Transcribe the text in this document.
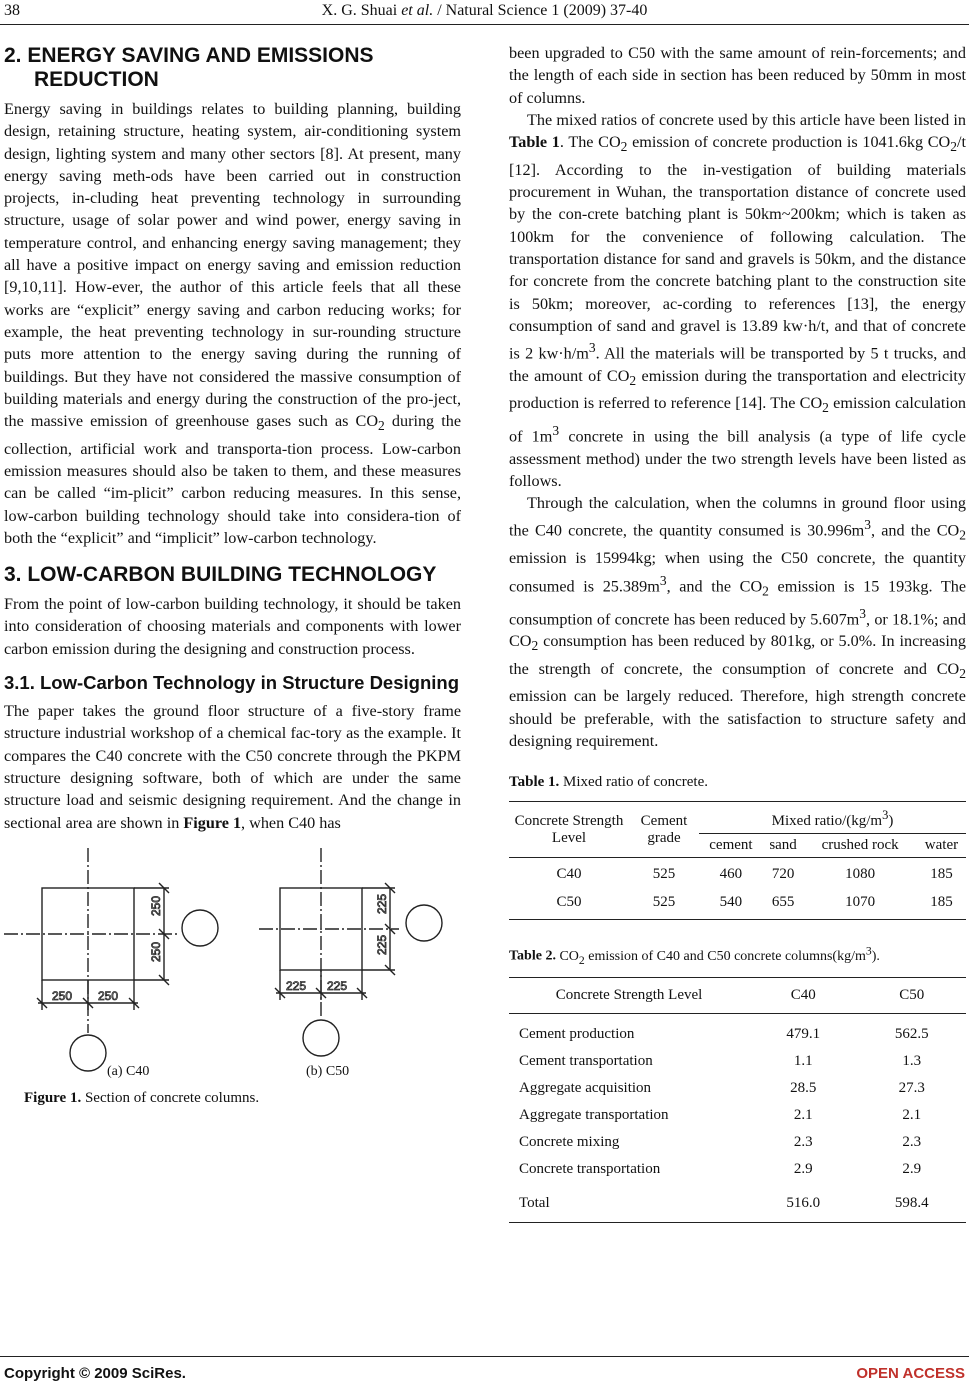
38	X. G. Shuai et al. / Natural Science 1 (2009) 37-40
2. ENERGY SAVING AND EMISSIONS REDUCTION

Energy saving in buildings relates to building planning, building design, retaining structure, heating system, air-conditioning system design, lighting system and many other sectors [8]. At present, many energy saving meth-ods have been carried out in construction projects, in-cluding heat preventing technology in surrounding structure, usage of solar power and wind power, energy saving in temperature control, and enhancing energy saving management; they all have a positive impact on energy saving and emission reduction [9,10,11]. How-ever, the author of this article feels that all these works are “explicit” energy saving and carbon reducing works; for example, the heat preventing technology in sur-rounding structure puts more attention to the energy saving during the running of buildings. But they have not considered the massive consumption of building materials and energy during the construction of the pro-ject, the massive emission of greenhouse gases such as $CO_2$ during the collection, artificial work and transporta-tion process. Low-carbon emission measures should also be taken to them, and these measures can be called “im-plicit” carbon reducing measures. In this sense, low-carbon building technology should take into considera-tion of both the “explicit” and “implicit” low-carbon technology.

3. LOW-CARBON BUILDING TECHNOLOGY

From the point of low-carbon building technology, it should be taken into consideration of choosing materials and components with lower carbon emission during the designing and construction process.

3.1. Low-Carbon Technology in Structure Designing

The paper takes the ground floor structure of a five-story frame structure industrial workshop of a chemical fac-tory as the example. It compares the C40 concrete with the C50 concrete through the PKPM structure designing software, both of which are under the same structure load and seismic designing requirement. And the change in sectional area are shown in Figure 1, when C40 has

250
250
250 250
225
225
225 225
(a) C40	(b) C50
Figure 1. Section of concrete columns.

been upgraded to C50 with the same amount of rein-forcements; and the length of each side in section has been reduced by 50mm in most of columns.

The mixed ratios of concrete used by this article have been listed in Table 1. The $CO_2$ emission of concrete production is 1041.6kg $CO_2/t$ [12]. According to the in-vestigation of building materials procurement in Wuhan, the transportation distance of concrete used by the con-crete batching plant is 50km~200km; which is taken as 100km for the convenience of following calculation. The transportation distance for sand and gravels is 50km, and the distance for concrete from the concrete batching plant to the construction site is 50km; moreover, ac-cording to references [13], the energy consumption of sand and gravel is 13.89 kw·h/t, and that of concrete is 2 $kw\cdot h/m^3$. All the materials will be transported by 5 t trucks, and the amount of $CO_2$ emission during the transportation and electricity production is referred to reference [14]. The $CO_2$ emission calculation of $1m^3$ concrete in using the bill analysis (a type of life cycle assessment method) under the two strength levels have been listed as follows.

Through the calculation, when the columns in ground floor using the C40 concrete, the quantity consumed is $30.996m^3$, and the $CO_2$ emission is 15994kg; when using the C50 concrete, the quantity consumed is $25.389m^3$, and the $CO_2$ emission is 15 193kg. The consumption of concrete has been reduced by $5.607m^3$, or 18.1%; and $CO_2$ consumption has been reduced by 801kg, or 5.0%. In increasing the strength of concrete, the consumption of concrete and $CO_2$ emission can be largely reduced. Therefore, high strength concrete should be preferable, with the satisfaction to structure safety and designing requirement.

Table 1. Mixed ratio of concrete.
Concrete Strength Level	Cement grade	Mixed ratio/$(kg/m^3)$			
		cement	sand	crushed rock	water
C40	525	460	720	1080	185
C50	525	540	655	1070	185
Table 2. $CO_2$ emission of C40 and C50 concrete $columns(kg/m^3)$.
Concrete Strength Level	C40	C50
Cement production	479.1	562.5
Cement transportation	1.1	1.3
Aggregate acquisition	28.5	27.3
Aggregate transportation	2.1	2.1
Concrete mixing	2.3	2.3
Concrete transportation	2.9	2.9
Total	516.0	598.4
Copyright © 2009 SciRes.	OPEN ACCESS
